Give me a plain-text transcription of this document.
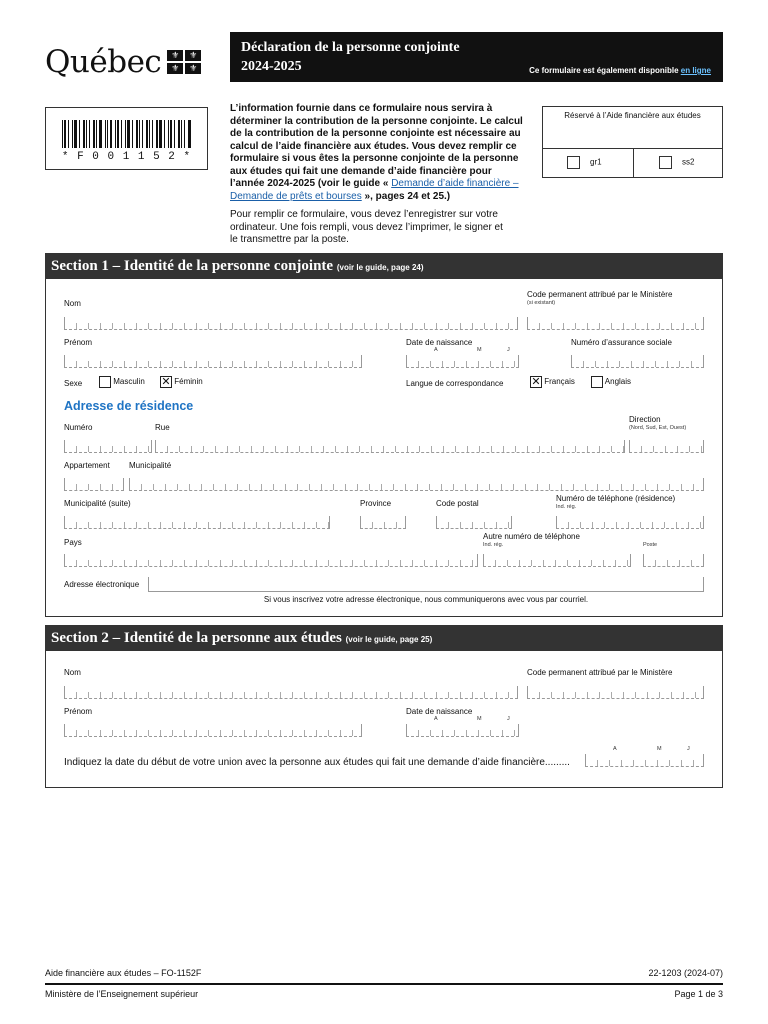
Québec	⚜	⚜
⚜	⚜
Déclaration de la personne conjointe
2024-2025	Ce formulaire est également disponible en ligne
* F 0 0 1 1 5 2 *
L’information fournie dans ce formulaire nous servira à déterminer la contribution de la personne conjointe. Le calcul de la contribution de la personne conjointe est nécessaire au calcul de l’aide financière aux études. Vous devez remplir ce formulaire si vous êtes la personne conjointe de la personne aux études qui fait une demande d’aide financière pour l’année 2024-2025 (voir le guide « Demande d’aide financière – Demande de prêts et bourses », pages 24 et 25.)
Pour remplir ce formulaire, vous devez l’enregistrer sur votre ordinateur. Une fois rempli, vous devez l’imprimer, le signer et le transmettre par la poste.
Réservé à l’Aide financière aux études
gr1	ss2
Section 1 – Identité de la personne conjointe (voir le guide, page 24)
Nom
Code permanent attribué par le Ministère
(si existant)
Prénom	Date de naissance
A	M	J
Numéro d’assurance sociale
Sexe	Masculin ✕ Féminin	Langue de correspondance	✕ Français	Anglais
Adresse de résidence
Numéro	Rue
Direction
(Nord, Sud, Est, Ouest)
Appartement Municipalité
Municipalité (suite)	Province	Code postal
Numéro de téléphone (résidence)
Ind. rég.
Pays
Autre numéro de téléphone
Ind. rég.	Poste
Adresse électronique
Si vous inscrivez votre adresse électronique, nous communiquerons avec vous par courriel.
Section 2 – Identité de la personne aux études (voir le guide, page 25)
Nom	Code permanent attribué par le Ministère
Prénom	Date de naissance
A	M	J
Indiquez la date du début de votre union avec la personne aux études qui fait une demande d’aide financière.........
A	M	J
Aide financière aux études – FO-1152F	22-1203 (2024-07)
Ministère de l’Enseignement supérieur	Page 1 de 3
